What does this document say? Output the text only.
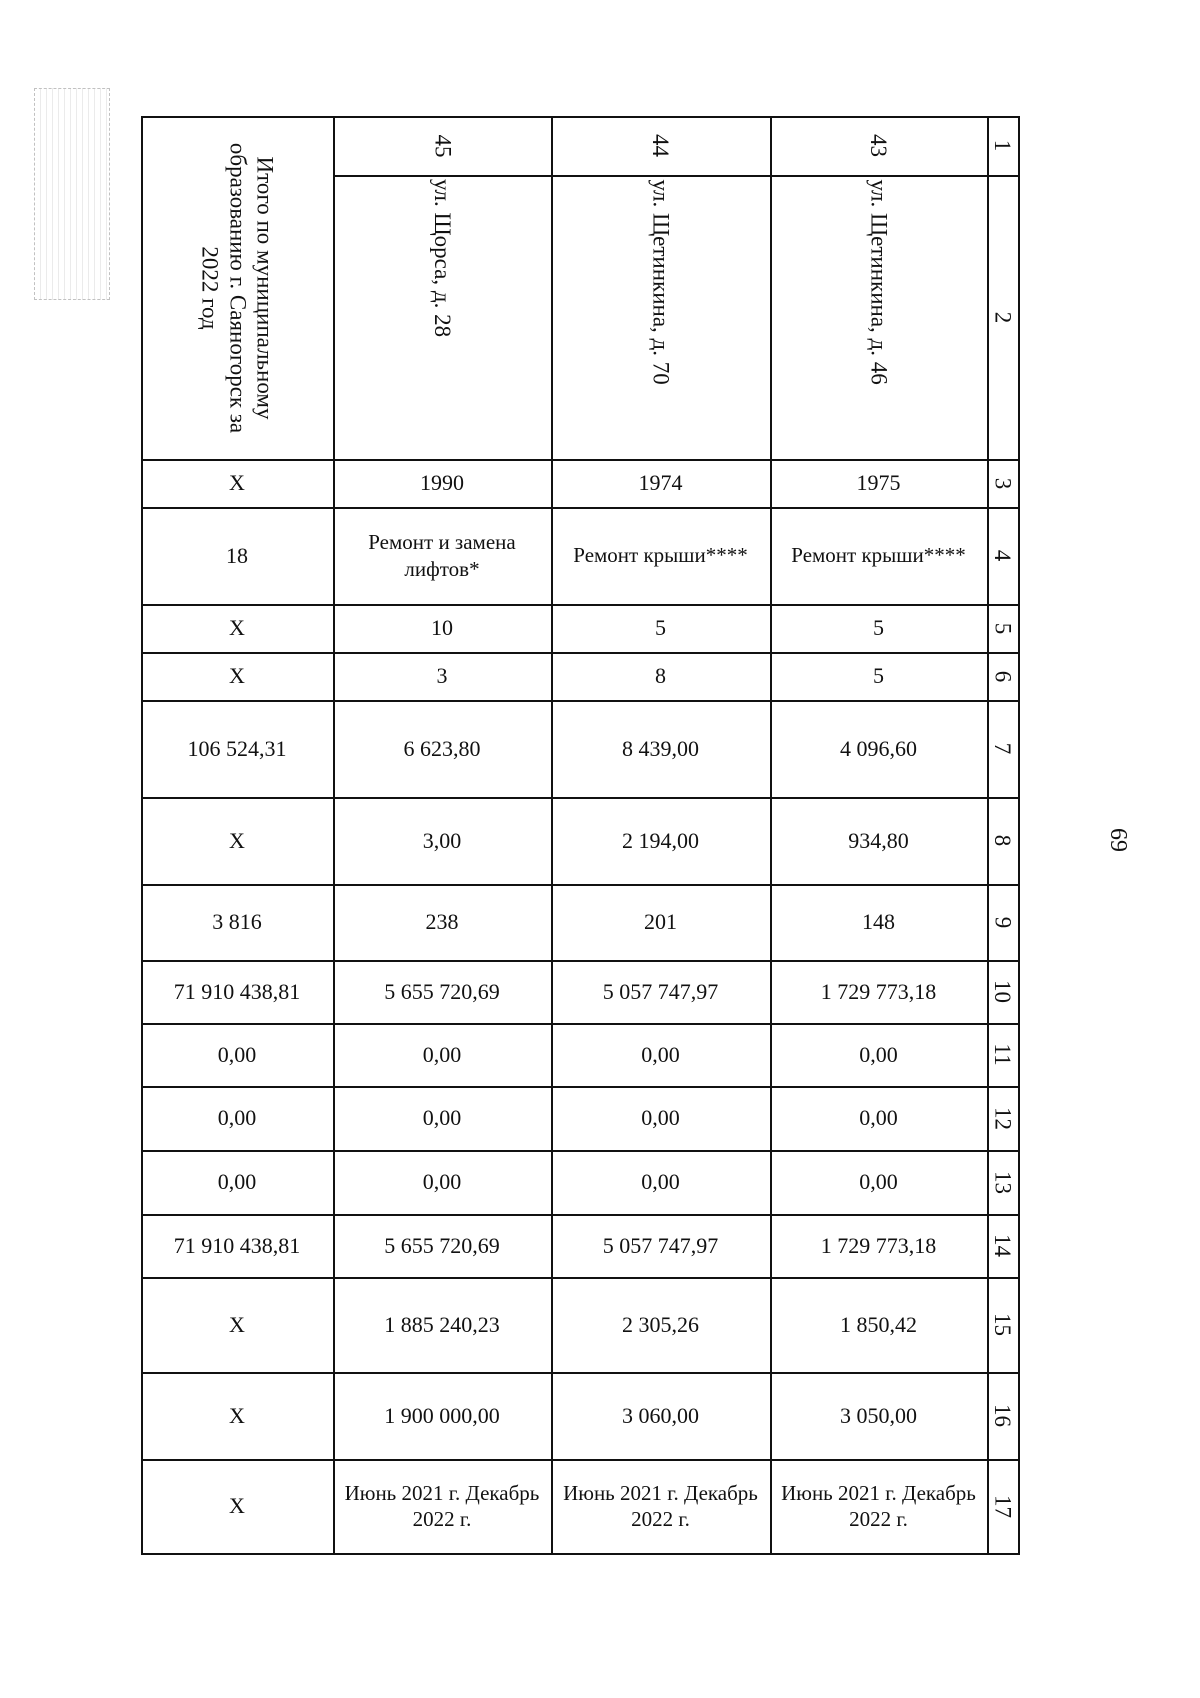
69
1
2
3
4
5
6
7
8
9
10
11
12
13
14
15
16
17
43
ул. Щетинкина, д. 46
1975
Ремонт крыши****
5
5
4 096,60
934,80
148
1 729 773,18
0,00
0,00
0,00
1 729 773,18
1 850,42
3 050,00
Июнь 2021 г. Декабрь 2022 г.
44
ул. Щетинкина, д. 70
1974
Ремонт крыши****
5
8
8 439,00
2 194,00
201
5 057 747,97
0,00
0,00
0,00
5 057 747,97
2 305,26
3 060,00
Июнь 2021 г. Декабрь 2022 г.
45
ул. Щорса, д. 28
1990
Ремонт и замена лифтов*
10
3
6 623,80
3,00
238
5 655 720,69
0,00
0,00
0,00
5 655 720,69
1 885 240,23
1 900 000,00
Июнь 2021 г. Декабрь 2022 г.
Итого по муниципальному образованию г. Саяногорск за 2022 год
X
18
X
X
106 524,31
X
3 816
71 910 438,81
0,00
0,00
0,00
71 910 438,81
X
X
X
